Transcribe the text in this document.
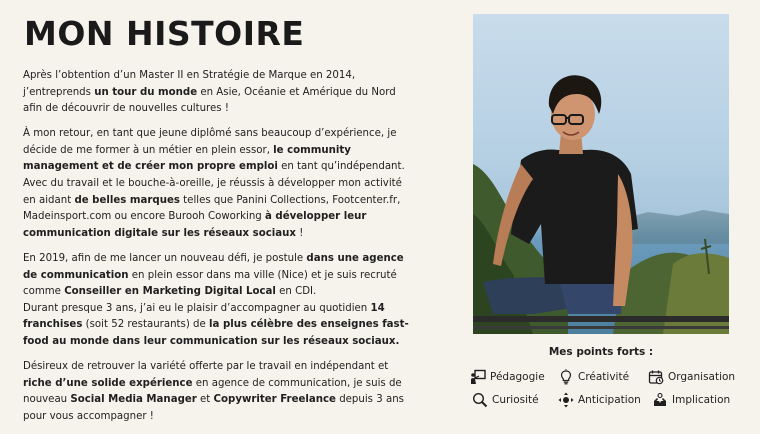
MON HISTOIRE

Après l’obtention d’un Master II en Stratégie de Marque en 2014, j’entreprends un tour du monde en Asie, Océanie et Amérique du Nord afin de découvrir de nouvelles cultures !

À mon retour, en tant que jeune diplômé sans beaucoup d’expérience, je décide de me former à un métier en plein essor, le community management et de créer mon propre emploi en tant qu’indépendant.
Avec du travail et le bouche-à-oreille, je réussis à développer mon activité en aidant de belles marques telles que Panini Collections, Footcenter.fr, Madeinsport.com ou encore Burooh Coworking à développer leur communication digitale sur les réseaux sociaux !

En 2019, afin de me lancer un nouveau défi, je postule dans une agence de communication en plein essor dans ma ville (Nice) et je suis recruté comme Conseiller en Marketing Digital Local en CDI.
Durant presque 3 ans, j’ai eu le plaisir d’accompagner au quotidien 14 franchises (soit 52 restaurants) de la plus célèbre des enseignes fast-food au monde dans leur communication sur les réseaux sociaux.

Désireux de retrouver la variété offerte par le travail en indépendant et riche d’une solide expérience en agence de communication, je suis de nouveau Social Media Manager et Copywriter Freelance depuis 3 ans pour vous accompagner !

Mes points forts :
Pédagogie	Créativité	Organisation
Curiosité	Anticipation	Implication
